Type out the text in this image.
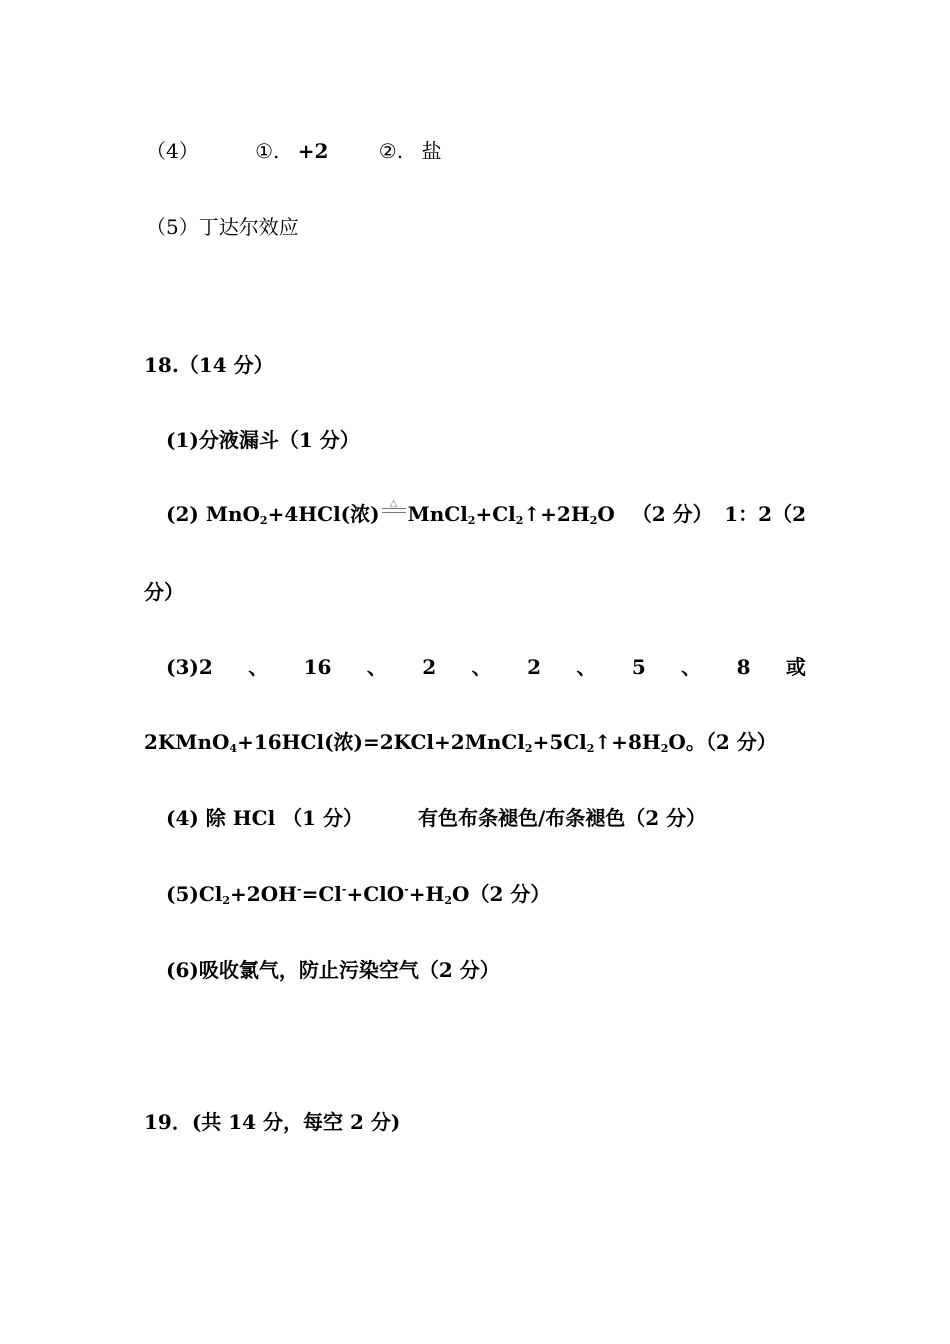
（4）	①. +2	②. 盐
（5）丁达尔效应
18.（14 分）
(1)分液漏斗（1 分）
(2) MnO$_2$+4HCl(浓)	△ $MnCl_2+Cl_2↑+2H_2O$ （2 分） 1：2（2
分）
(3)2 、 16 、 2 、 2 、 5 、 8 或
2KMnO$_4$+16HCl(浓)$=2KCl+2MnCl_2+5Cl_2↑+8H_2O$。（2 分）
(4) 除 HCl （1 分）	有色布条褪色/布条褪色（2 分）
$(5)Cl_2+2OH^-=Cl^-+ClO^-+H_2O(2$ 分）
(6)吸收氯气，防止污染空气（2 分）
19．(共 14 分，每空 2 分)
